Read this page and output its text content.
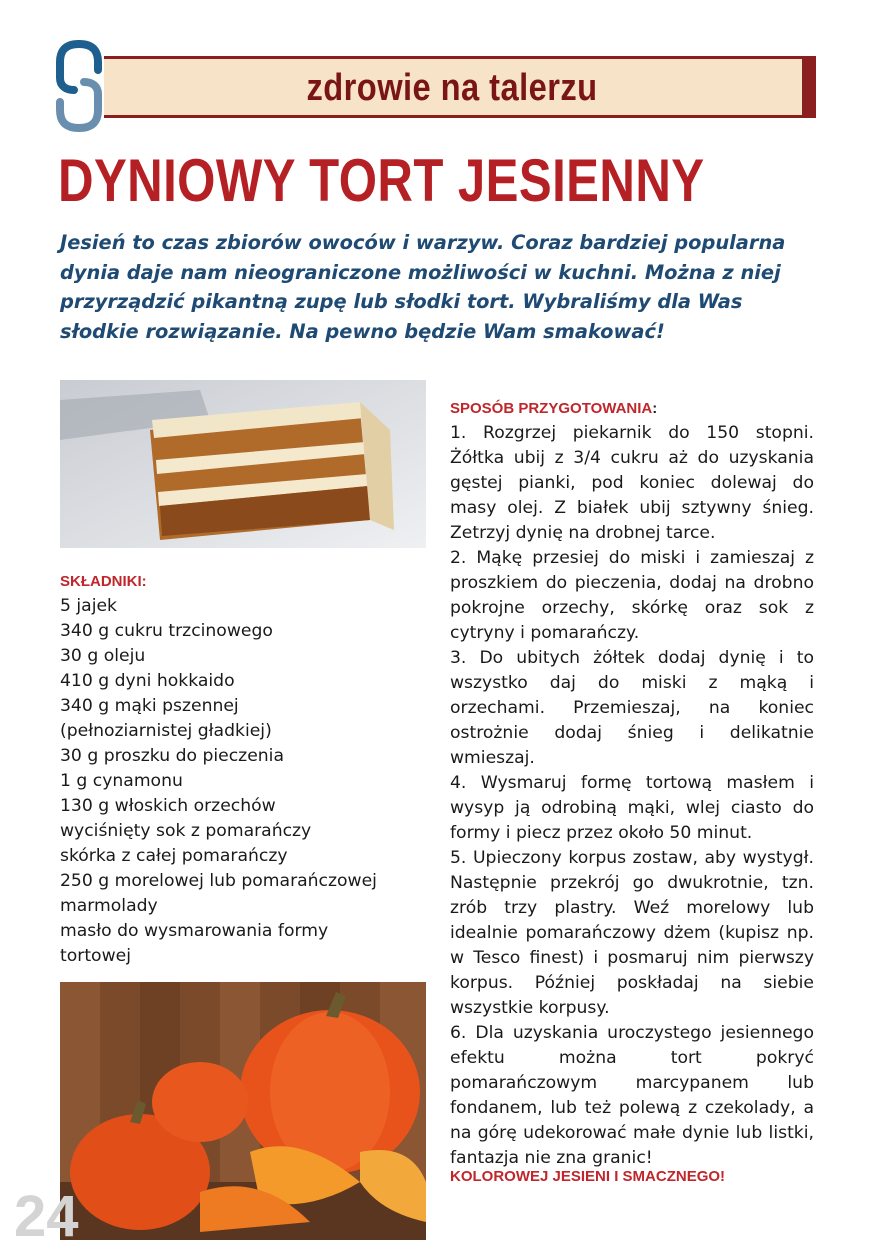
zdrowie na talerzu
DYNIOWY TORT JESIENNY

Jesień to czas zbiorów owoców i warzyw. Coraz bardziej popularna dynia daje nam nieograniczone możliwości w kuchni. Można z niej przyrządzić pikantną zupę lub słodki tort. Wybraliśmy dla Was słodkie rozwiązanie. Na pewno będzie Wam smakować!

SKŁADNIKI:
5 jajek
340 g cukru trzcinowego
30 g oleju
410 g dyni hokkaido
340 g mąki pszennej
(pełnoziarnistej gładkiej)
30 g proszku do pieczenia
1 g cynamonu
130 g włoskich orzechów
wyciśnięty sok z pomarańczy
skórka z całej pomarańczy
250 g morelowej lub pomarańczowej
marmolady
masło do wysmarowania formy
tortowej
24
SPOSÓB PRZYGOTOWANIA:

1. Rozgrzej piekarnik do 150 stopni. Żółtka ubij z 3/4 cukru aż do uzyskania gęstej pianki, pod koniec dolewaj do masy olej. Z białek ubij sztywny śnieg. Zetrzyj dynię na drobnej tarce.

2. Mąkę przesiej do miski i zamieszaj z proszkiem do pieczenia, dodaj na drobno pokrojne orzechy, skórkę oraz sok z cytryny i pomarańczy.

3. Do ubitych żółtek dodaj dynię i to wszystko daj do miski z mąką i orzechami. Przemieszaj, na koniec ostrożnie dodaj śnieg i delikatnie wmieszaj.

4. Wysmaruj formę tortową masłem i wysyp ją odrobiną mąki, wlej ciasto do formy i piecz przez około 50 minut.

5. Upieczony korpus zostaw, aby wystygł. Następnie przekrój go dwukrotnie, tzn. zrób trzy plastry. Weź morelowy lub idealnie pomarańczowy dżem (kupisz np. w Tesco finest) i posmaruj nim pierwszy korpus. Później poskładaj na siebie wszystkie korpusy.

6. Dla uzyskania uroczystego jesiennego efektu można tort pokryć pomarańczowym marcypanem lub fondanem, lub też polewą z czekolady, a na górę udekorować małe dynie lub listki, fantazja nie zna granic!

KOLOROWEJ JESIENI I SMACZNEGO!
